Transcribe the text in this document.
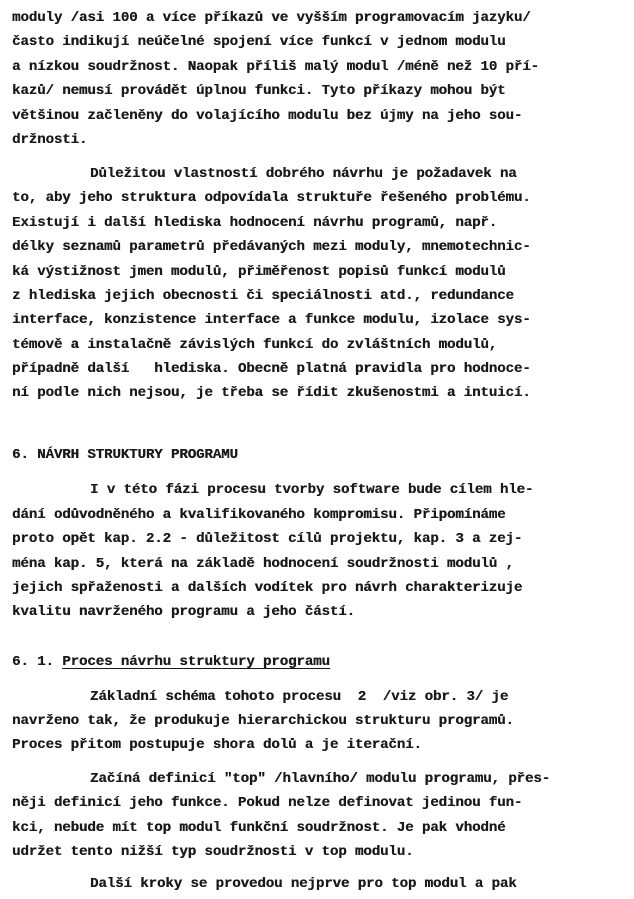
moduly /asi 100 a více příkazů ve vyšším programovacím jazyku/
často indikují neúčelné spojení více funkcí v jednom modulu
a nízkou soudržnost. Naopak příliš malý modul /méně než 10 pří-
kazů/ nemusí provádět úplnou funkci. Tyto příkazy mohou být
většinou začleněny do volajícího modulu bez újmy na jeho sou-
držnosti.
Důležitou vlastností dobrého návrhu je požadavek na
to, aby jeho struktura odpovídala struktuře řešeného problému.
Existují i další hlediska hodnocení návrhu programů, např.
délky seznamů parametrů předávaných mezi moduly, mnemotechnic-
ká výstižnost jmen modulů, přiměřenost popisů funkcí modulů
z hlediska jejich obecnosti či speciálnosti atd., redundance
interface, konzistence interface a funkce modulu, izolace sys-
témově a instalačně závislých funkcí do zvláštních modulů,
případně další   hlediska. Obecně platná pravidla pro hodnoce-
ní podle nich nejsou, je třeba se řídit zkušenostmi a intuicí.
6. NÁVRH STRUKTURY PROGRAMU
I v této fázi procesu tvorby software bude cílem hle-
dání odůvodněného a kvalifikovaného kompromisu. Připomínáme
proto opět kap. 2.2 - důležitost cílů projektu, kap. 3 a zej-
ména kap. 5, která na základě hodnocení soudržnosti modulů ,
jejich spřaženosti a dalších vodítek pro návrh charakterizuje
kvalitu navrženého programu a jeho částí.
6. 1. Proces návrhu struktury programu
Základní schéma tohoto procesu  2  /viz obr. 3/ je
navrženo tak, že produkuje hierarchickou strukturu programů.
Proces přitom postupuje shora dolů a je iterační.
Začíná definicí "top" /hlavního/ modulu programu, přes-
něji definicí jeho funkce. Pokud nelze definovat jedinou fun-
kci, nebude mít top modul funkční soudržnost. Je pak vhodné
udržet tento nižší typ soudržnosti v top modulu.
Další kroky se provedou nejprve pro top modul a pak
